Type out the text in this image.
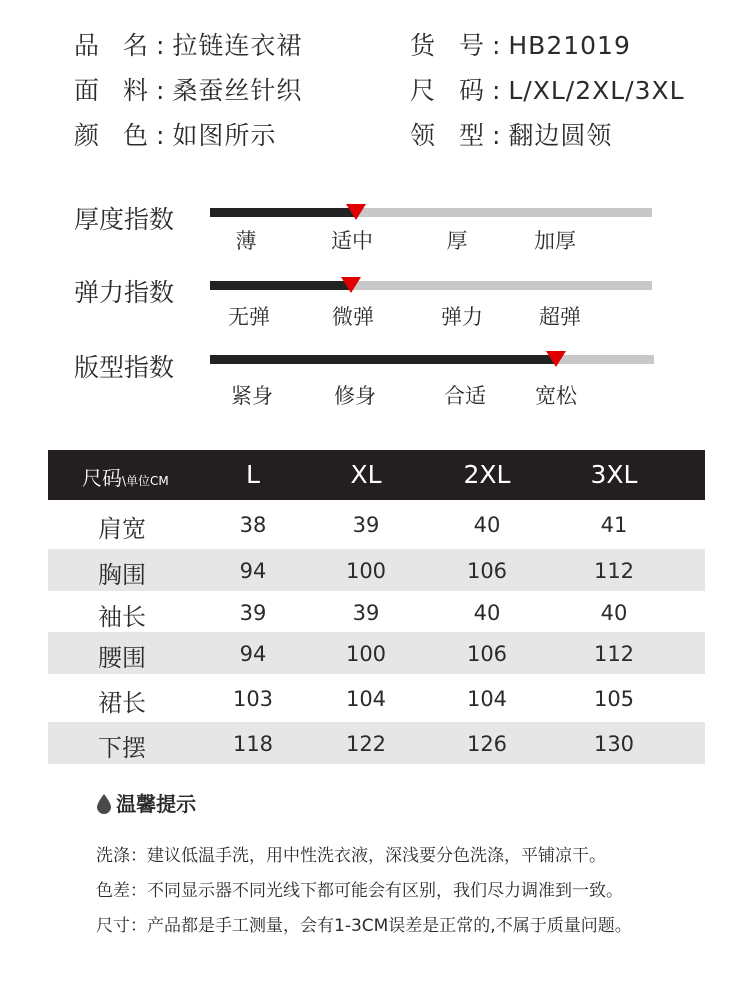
品 名:拉链连衣裙	货 号:HB21019
面 料:桑蚕丝针织	尺 码:L/XL/2XL/3XL
颜 色:如图所示	领 型:翻边圆领
厚度指数
薄	适中	厚	加厚
弹力指数
无弹	微弹	弹力	超弹
版型指数
紧身	修身	合适 宽松
尺码\单位CM	L	XL	2XL	3XL
肩宽	38	39	40	41
胸围	94	100	106	112
袖长	39	39	40	40
腰围	94	100	106	112
裙长	103	104	104	105
下摆	118	122	126	130
温馨提示
洗涤：建议低温手洗，用中性洗衣液，深浅要分色洗涤，平铺凉干。
色差：不同显示器不同光线下都可能会有区别，我们尽力调准到一致。
尺寸：产品都是手工测量，会有1-3CM误差是正常的,不属于质量问题。
